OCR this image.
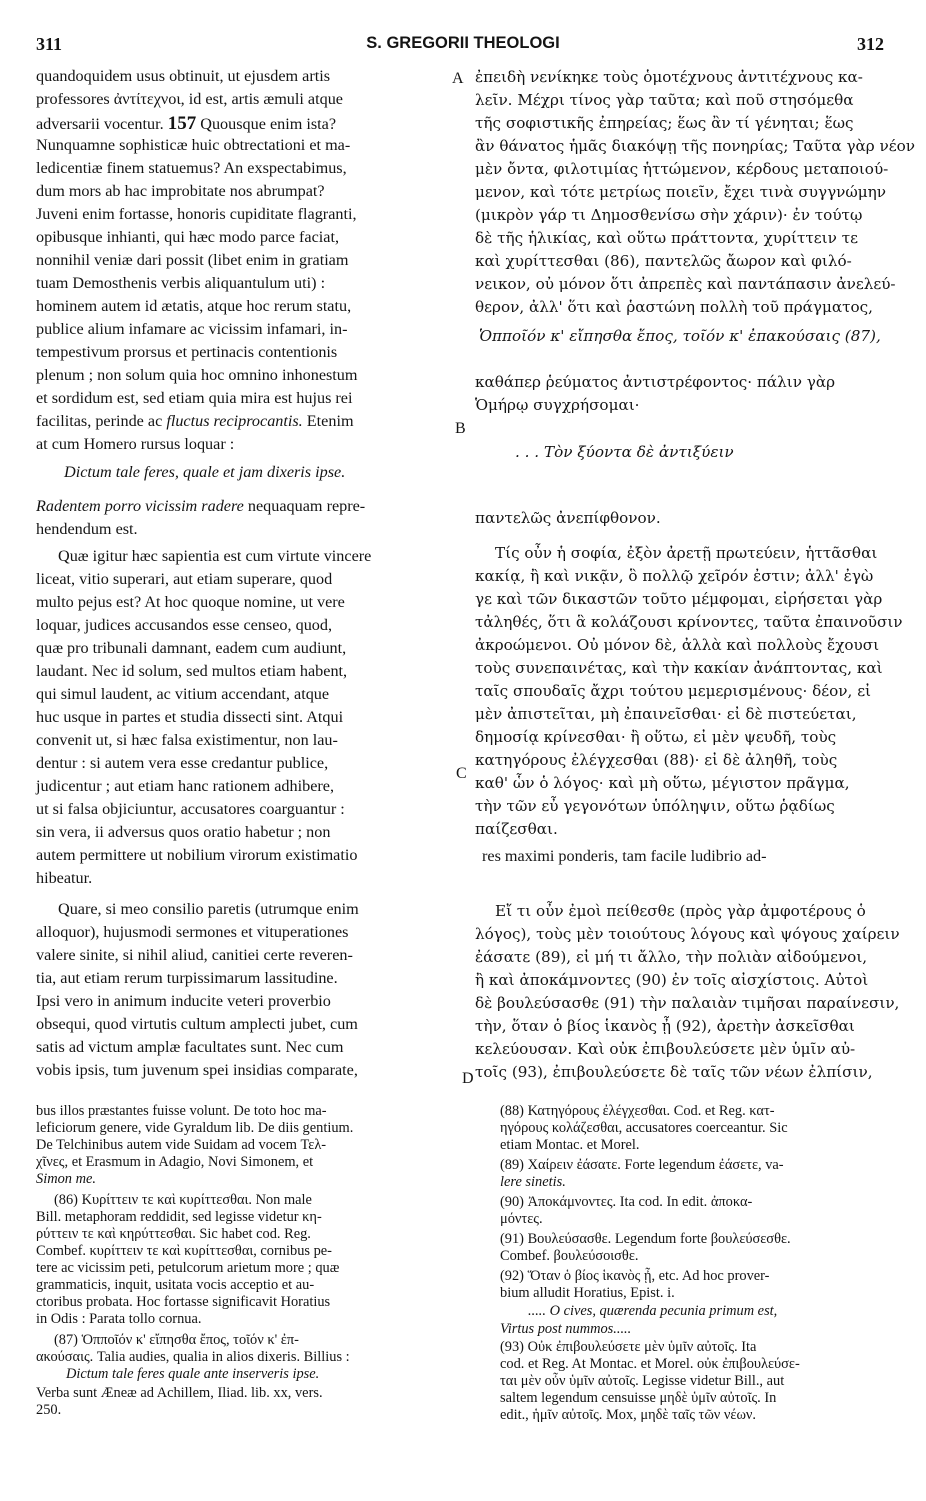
311	S. GREGORII THEOLOGI	312
A
B
C
D
quandoquidem usus obtinuit, ut ejusdem artis
professores ἀντίτεχνοι, id est, artis æmuli atque
adversarii vocentur. 157 Quousque enim ista?
Nunquamne sophisticæ huic obtrectationi et ma-
ledicentiæ finem statuemus? An exspectabimus,
dum mors ab hac improbitate nos abrumpat?
Juveni enim fortasse, honoris cupiditate flagranti,
opibusque inhianti, qui hæc modo parce faciat,
nonnihil veniæ dari possit (libet enim in gratiam
tuam Demosthenis verbis aliquantulum uti) :
hominem autem id ætatis, atque hoc rerum statu,
publice alium infamare ac vicissim infamari, in-
tempestivum prorsus et pertinacis contentionis
plenum ; non solum quia hoc omnino inhonestum
et sordidum est, sed etiam quia mira est hujus rei
facilitas, perinde ac fluctus reciprocantis. Etenim
at cum Homero rursus loquar :
Dictum tale feres, quale et jam dixeris ipse.
Radentem porro vicissim radere nequaquam repre-
hendendum est.
Quæ igitur hæc sapientia est cum virtute vincere
liceat, vitio superari, aut etiam superare, quod
multo pejus est? At hoc quoque nomine, ut vere
loquar, judices accusandos esse censeo, quod,
quæ pro tribunali damnant, eadem cum audiunt,
laudant. Nec id solum, sed multos etiam habent,
qui simul laudent, ac vitium accendant, atque
huc usque in partes et studia dissecti sint. Atqui
convenit ut, si hæc falsa existimentur, non lau-
dentur : si autem vera esse credantur publice,
judicentur ; aut etiam hanc rationem adhibere,
ut si falsa objiciuntur, accusatores coarguantur :
sin vera, ii adversus quos oratio habetur ; non
autem permittere ut nobilium virorum existimatio
hibeatur.
Quare, si meo consilio paretis (utrumque enim
alloquor), hujusmodi sermones et vituperationes
valere sinite, si nihil aliud, canitiei certe reveren-
tia, aut etiam rerum turpissimarum lassitudine.
Ipsi vero in animum inducite veteri proverbio
obsequi, quod virtutis cultum amplecti jubet, cum
satis ad victum amplæ facultates sunt. Nec cum
vobis ipsis, tum juvenum spei insidias comparate,
res maximi ponderis, tam facile ludibrio ad-
ἐπειδὴ νενίκηκε τοὺς ὁμοτέχνους ἀντιτέχνους κα-
λεῖν. Μέχρι τίνος γὰρ ταῦτα; καὶ ποῦ στησόμεθα
τῆς σοφιστικῆς ἐπηρείας; ἕως ἂν τί γένηται; ἕως
ἂν θάνατος ἡμᾶς διακόψῃ τῆς πονηρίας; Ταῦτα γὰρ νέον
μὲν ὄντα, φιλοτιμίας ἡττώμενον, κέρδους μεταποιού-
μενον, καὶ τότε μετρίως ποιεῖν, ἔχει τινὰ συγγνώμην
(μικρὸν γάρ τι Δημοσθενίσω σὴν χάριν)· ἐν τούτῳ
δὲ τῆς ἡλικίας, καὶ οὕτω πράττοντα, χυρίττειν τε
καὶ χυρίττεσθαι (86), παντελῶς ἄωρον καὶ φιλό-
νεικον, οὐ μόνον ὅτι ἀπρεπὲς καὶ παντάπασιν ἀνελεύ-
θερον, ἀλλ' ὅτι καὶ ῥαστώνη πολλὴ τοῦ πράγματος,
Ὁπποῖόν κ' εἴπησθα ἔπος, τοῖόν κ' ἐπακούσαις (87),
καθάπερ ῥεύματος ἀντιστρέφοντος· πάλιν γὰρ
Ὁμήρῳ συγχρήσομαι·
. . . Τὸν ξύοντα δὲ ἀντιξύειν
παντελῶς ἀνεπίφθονον.
Τίς οὖν ἡ σοφία, ἐξὸν ἀρετῇ πρωτεύειν, ἡττᾶσθαι
κακίᾳ, ἢ καὶ νικᾷν, ὃ πολλῷ χεῖρόν ἐστιν; ἀλλ' ἐγὼ
γε καὶ τῶν δικαστῶν τοῦτο μέμφομαι, εἰρήσεται γὰρ
τἀληθές, ὅτι ἃ κολάζουσι κρίνοντες, ταῦτα ἐπαινοῦσιν
ἀκροώμενοι. Οὐ μόνον δὲ, ἀλλὰ καὶ πολλοὺς ἔχουσι
τοὺς συνεπαινέτας, καὶ τὴν κακίαν ἀνάπτοντας, καὶ
ταῖς σπουδαῖς ἄχρι τούτου μεμερισμένους· δέον, εἰ
μὲν ἀπιστεῖται, μὴ ἐπαινεῖσθαι· εἰ δὲ πιστεύεται,
δημοσίᾳ κρίνεσθαι· ἢ οὕτω, εἰ μὲν ψευδῆ, τοὺς
κατηγόρους ἐλέγχεσθαι (88)· εἰ δὲ ἀληθῆ, τοὺς
καθ' ὧν ὁ λόγος· καὶ μὴ οὕτω, μέγιστον πρᾶγμα,
τὴν τῶν εὖ γεγονότων ὑπόληψιν, οὕτω ῥᾳδίως
παίζεσθαι.
Εἴ τι οὖν ἐμοὶ πείθεσθε (πρὸς γὰρ ἀμφοτέρους ὁ
λόγος), τοὺς μὲν τοιούτους λόγους καὶ ψόγους χαίρειν
ἐάσατε (89), εἰ μή τι ἄλλο, τὴν πολιὰν αἰδούμενοι,
ἢ καὶ ἀποκάμνοντες (90) ἐν τοῖς αἰσχίστοις. Αὐτοὶ
δὲ βουλεύσασθε (91) τὴν παλαιὰν τιμῆσαι παραίνεσιν,
τὴν, ὅταν ὁ βίος ἱκανὸς ᾖ (92), ἀρετὴν ἀσκεῖσθαι
κελεύουσαν. Καὶ οὐκ ἐπιβουλεύσετε μὲν ὑμῖν αὐ-
τοῖς (93), ἐπιβουλεύσετε δὲ ταῖς τῶν νέων ἐλπίσιν,
bus illos præstantes fuisse volunt. De toto hoc ma-
leficiorum genere, vide Gyraldum lib. De diis gentium.
De Telchinibus autem vide Suidam ad vocem Τελ-
χῖνες, et Erasmum in Adagio, Novi Simonem, et
Simon me.
(86) Κυρίττειν τε καὶ κυρίττεσθαι. Non male
Bill. metaphoram reddidit, sed legisse videtur κη-
ρύττειν τε καὶ κηρύττεσθαι. Sic habet cod. Reg.
Combef. κυρίττειν τε καὶ κυρίττεσθαι, cornibus pe-
tere ac vicissim peti, petulcorum arietum more ; quæ
grammaticis, inquit, usitata vocis acceptio et au-
ctoribus probata. Hoc fortasse significavit Horatius
in Odis : Parata tollo cornua.
(87) Ὁπποῖόν κ' εἴπησθα ἔπος, τοῖόν κ' ἐπ-
ακούσαις. Talia audies, qualia in alios dixeris. Billius :
Dictum tale feres quale ante inserveris ipse.
Verba sunt Æneæ ad Achillem, Iliad. lib. xx, vers.
250.
(88) Κατηγόρους ἐλέγχεσθαι. Cod. et Reg. κατ-
ηγόρους κολάζεσθαι, accusatores coerceantur. Sic
etiam Montac. et Morel.
(89) Χαίρειν ἐάσατε. Forte legendum ἐάσετε, va-
lere sinetis.
(90) Ἀποκάμνοντες. Ita cod. In edit. ἀποκα-
μόντες.
(91) Βουλεύσασθε. Legendum forte βουλεύσεσθε.
Combef. βουλεύσοισθε.
(92) Ὅταν ὁ βίος ἱκανὸς ᾖ, etc. Ad hoc prover-
bium alludit Horatius, Epist. i.
..... O cives, quærenda pecunia primum est,
Virtus post nummos.....
(93) Οὐκ ἐπιβουλεύσετε μὲν ὑμῖν αὐτοῖς. Ita
cod. et Reg. At Montac. et Morel. οὐκ ἐπιβουλεύσε-
ται μὲν οὖν ὑμῖν αὐτοῖς. Legisse videtur Bill., aut
saltem legendum censuisse μηδὲ ὑμῖν αὐτοῖς. In
edit., ἡμῖν αὐτοῖς. Mox, μηδὲ ταῖς τῶν νέων.
